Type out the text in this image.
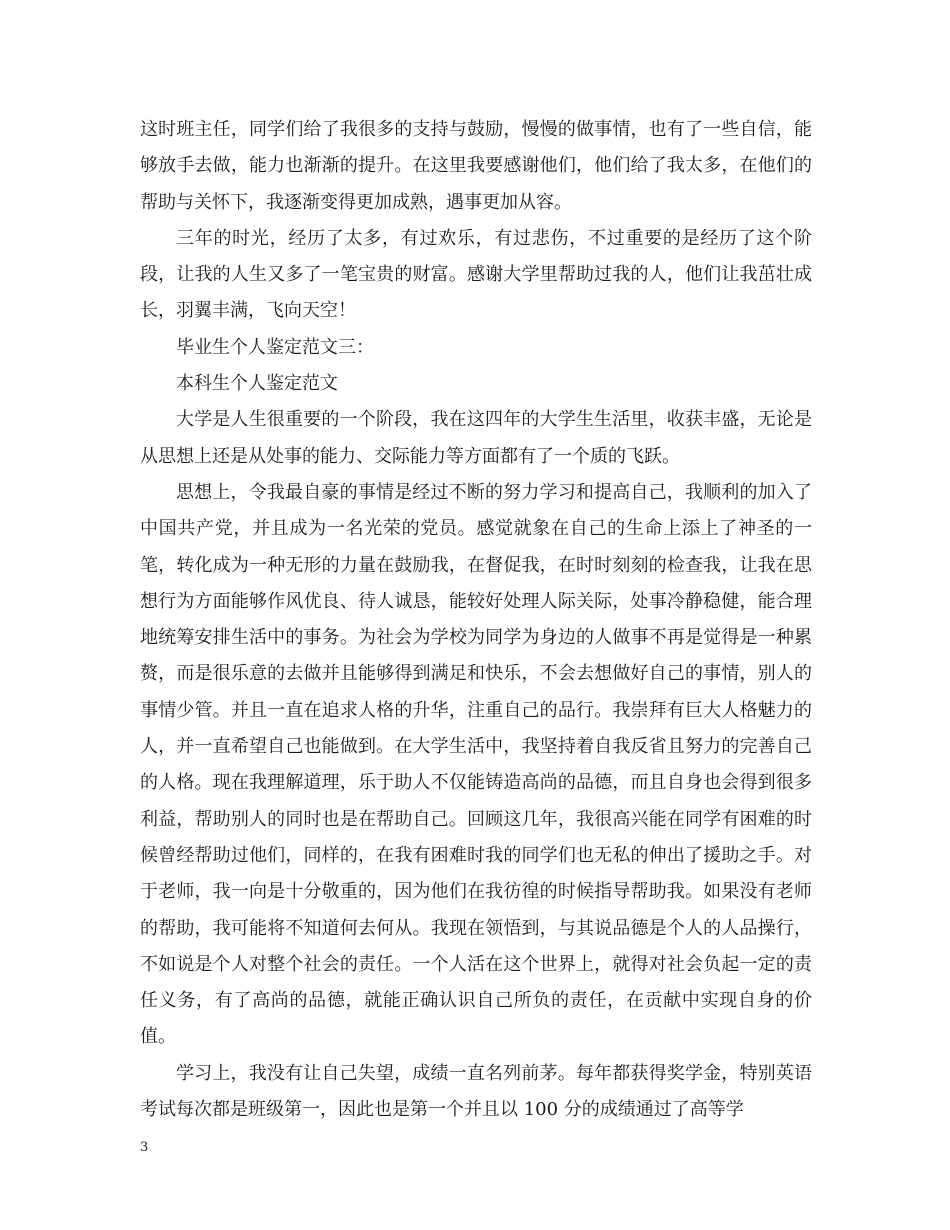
这时班主任，同学们给了我很多的支持与鼓励，慢慢的做事情，也有了一些自信，能够放手去做，能力也渐渐的提升。在这里我要感谢他们，他们给了我太多，在他们的帮助与关怀下，我逐渐变得更加成熟，遇事更加从容。

三年的时光，经历了太多，有过欢乐，有过悲伤，不过重要的是经历了这个阶段，让我的人生又多了一笔宝贵的财富。感谢大学里帮助过我的人，他们让我茁壮成长，羽翼丰满，飞向天空！

毕业生个人鉴定范文三：

本科生个人鉴定范文

大学是人生很重要的一个阶段，我在这四年的大学生生活里，收获丰盛，无论是从思想上还是从处事的能力、交际能力等方面都有了一个质的飞跃。

思想上，令我最自豪的事情是经过不断的努力学习和提高自己，我顺利的加入了中国共产党，并且成为一名光荣的党员。感觉就象在自己的生命上添上了神圣的一笔，转化成为一种无形的力量在鼓励我，在督促我，在时时刻刻的检查我，让我在思想行为方面能够作风优良、待人诚恳，能较好处理人际关际，处事冷静稳健，能合理地统筹安排生活中的事务。为社会为学校为同学为身边的人做事不再是觉得是一种累赘，而是很乐意的去做并且能够得到满足和快乐，不会去想做好自己的事情，别人的事情少管。并且一直在追求人格的升华，注重自己的品行。我崇拜有巨大人格魅力的人，并一直希望自己也能做到。在大学生活中，我坚持着自我反省且努力的完善自己的人格。现在我理解道理，乐于助人不仅能铸造高尚的品德，而且自身也会得到很多利益，帮助别人的同时也是在帮助自己。回顾这几年，我很高兴能在同学有困难的时候曾经帮助过他们，同样的，在我有困难时我的同学们也无私的伸出了援助之手。对于老师，我一向是十分敬重的，因为他们在我彷徨的时候指导帮助我。如果没有老师的帮助，我可能将不知道何去何从。我现在领悟到，与其说品德是个人的人品操行，不如说是个人对整个社会的责任。一个人活在这个世界上，就得对社会负起一定的责任义务，有了高尚的品德，就能正确认识自己所负的责任，在贡献中实现自身的价值。

学习上，我没有让自己失望，成绩一直名列前茅。每年都获得奖学金，特别英语考试每次都是班级第一，因此也是第一个并且以 100 分的成绩通过了高等学

3
